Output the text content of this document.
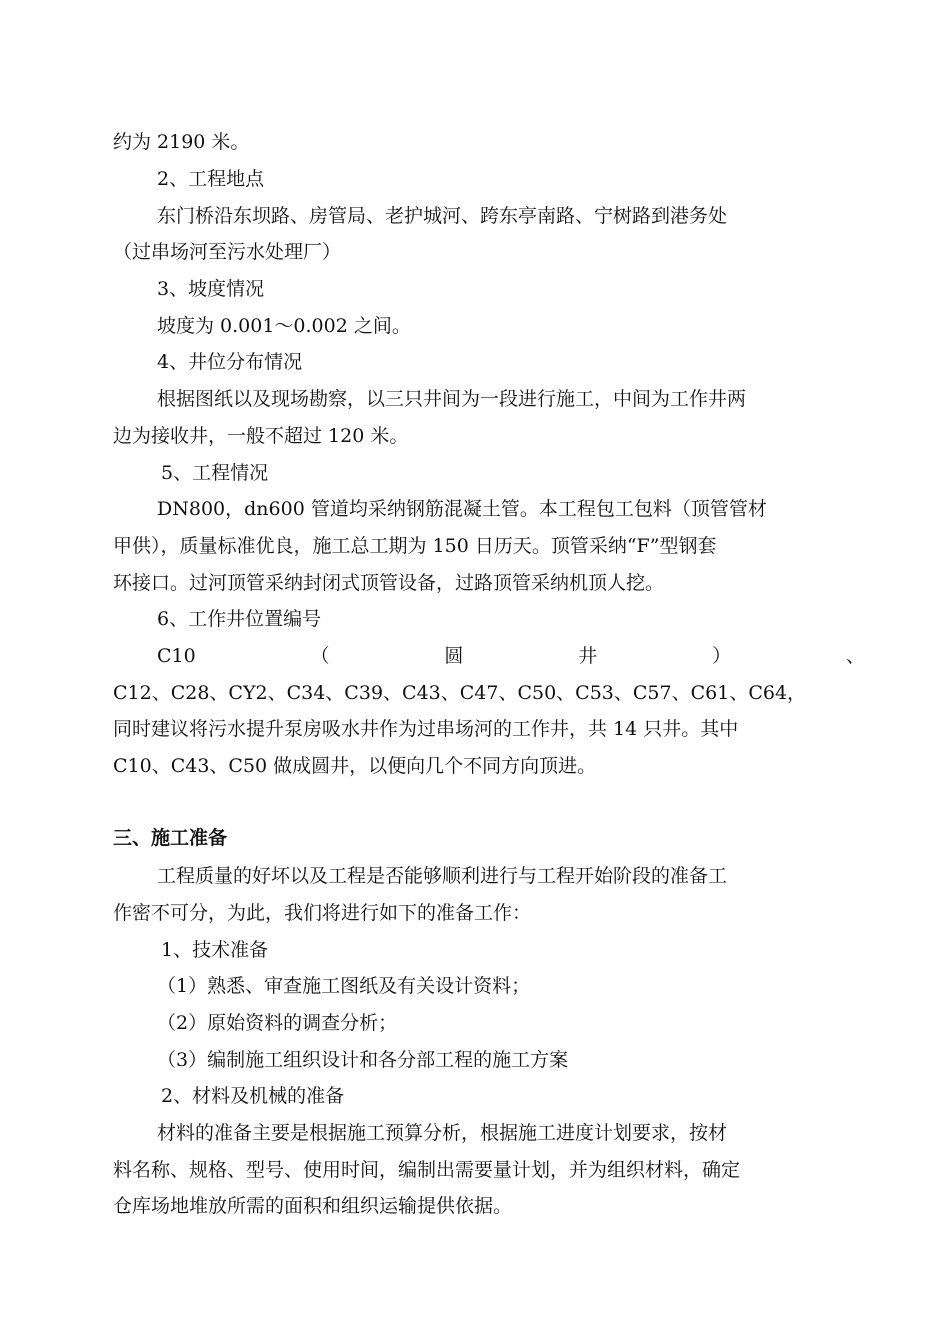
约为 2190 米。
2、工程地点
东门桥沿东坝路、房管局、老护城河、跨东亭南路、宁树路到港务处
（过串场河至污水处理厂）
3、坡度情况
坡度为 0.001～0.002 之间。
4、井位分布情况
根据图纸以及现场勘察，以三只井间为一段进行施工，中间为工作井两
边为接收井，一般不超过 120 米。
5、工程情况
DN800，dn600 管道均采纳钢筋混凝土管。本工程包工包料（顶管管材
甲供），质量标准优良，施工总工期为 150 日历天。顶管采纳“F”型钢套
环接口。过河顶管采纳封闭式顶管设备，过路顶管采纳机顶人挖。
6、工作井位置编号
C10	（	圆	井	）	、
C12、C28、CY2、C34、C39、C43、C47、C50、C53、C57、C61、C64，
同时建议将污水提升泵房吸水井作为过串场河的工作井，共 14 只井。其中
C10、C43、C50 做成圆井，以便向几个不同方向顶进。
三、施工准备
工程质量的好坏以及工程是否能够顺利进行与工程开始阶段的准备工
作密不可分，为此，我们将进行如下的准备工作：
1、技术准备
（1）熟悉、审查施工图纸及有关设计资料；
（2）原始资料的调查分析；
（3）编制施工组织设计和各分部工程的施工方案
2、材料及机械的准备
材料的准备主要是根据施工预算分析，根据施工进度计划要求，按材
料名称、规格、型号、使用时间，编制出需要量计划，并为组织材料，确定
仓库场地堆放所需的面积和组织运输提供依据。
